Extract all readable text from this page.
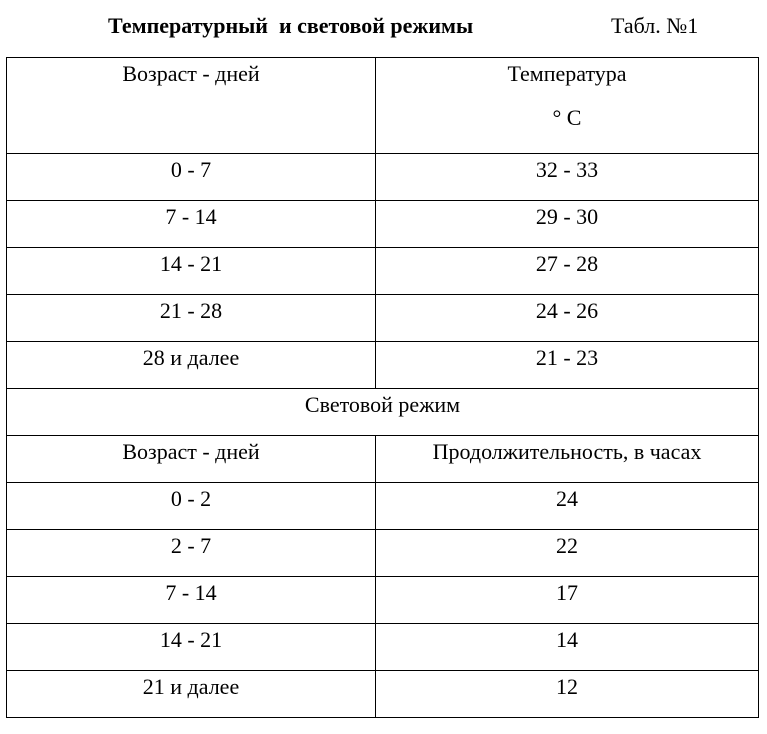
Температурный  и световой режимы	Табл. №1
Возраст - дней	Температура
° С

0 - 7	32 - 33
7 - 14	29 - 30
14 - 21	27 - 28
21 - 28	24 - 26
28 и далее	21 - 23
Световой режим	
Возраст - дней	Продолжительность, в часах
0 - 2	24
2 - 7	22
7 - 14	17
14 - 21	14
21 и далее	12
